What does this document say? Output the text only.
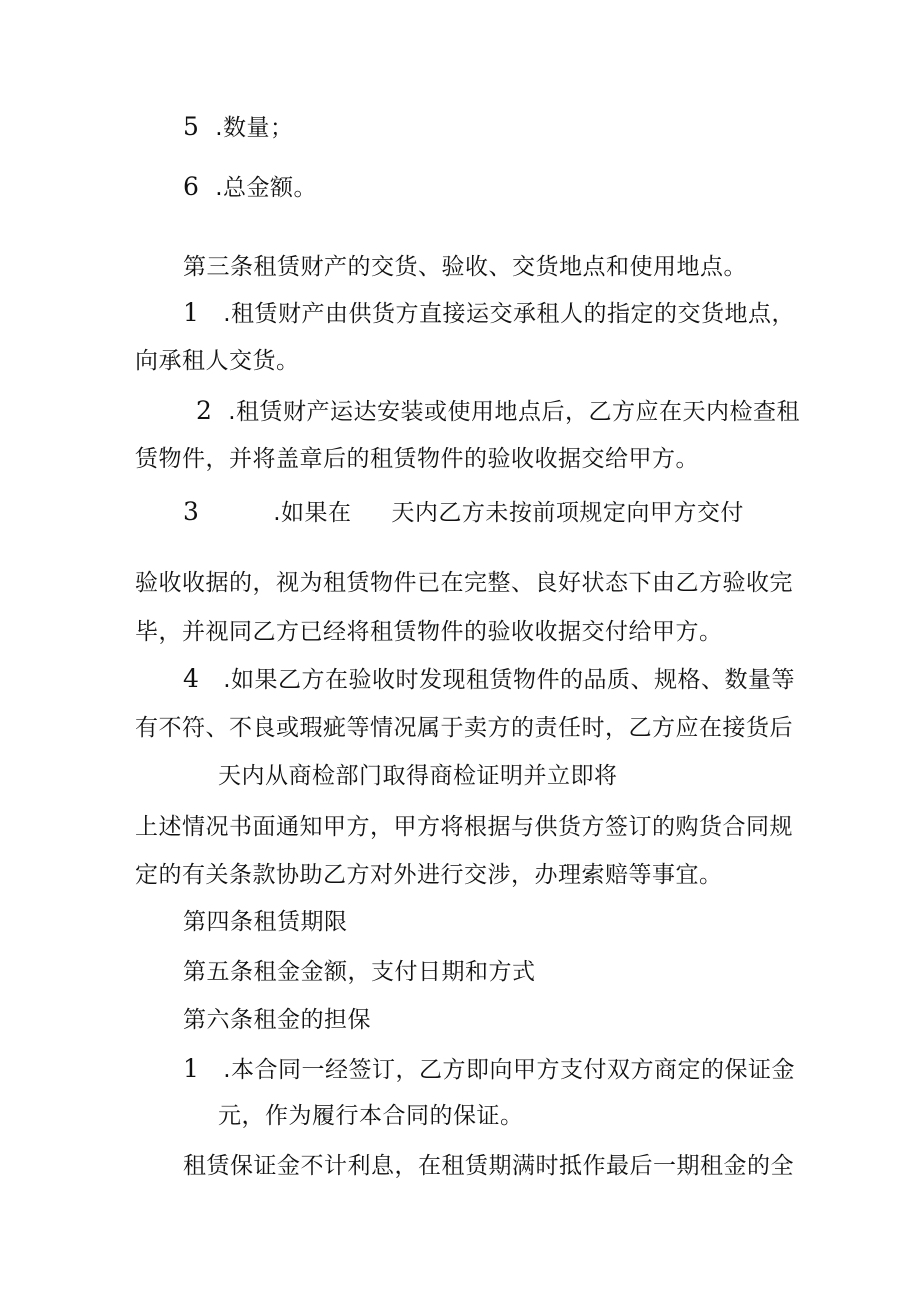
5 .数量；
6 .总金额。
第三条租赁财产的交货、验收、交货地点和使用地点。
1 .租赁财产由供货方直接运交承租人的指定的交货地点，
向承租人交货。
2 .租赁财产运达安装或使用地点后，乙方应在天内检查租
赁物件，并将盖章后的租赁物件的验收收据交给甲方。
3	.如果在 天内乙方未按前项规定向甲方交付
验收收据的，视为租赁物件已在完整、良好状态下由乙方验收完
毕，并视同乙方已经将租赁物件的验收收据交付给甲方。
4 .如果乙方在验收时发现租赁物件的品质、规格、数量等
有不符、不良或瑕疵等情况属于卖方的责任时，乙方应在接货后
天内从商检部门取得商检证明并立即将
上述情况书面通知甲方，甲方将根据与供货方签订的购货合同规
定的有关条款协助乙方对外进行交涉，办理索赔等事宜。
第四条租赁期限
第五条租金金额，支付日期和方式
第六条租金的担保
1 .本合同一经签订，乙方即向甲方支付双方商定的保证金
元，作为履行本合同的保证。
租赁保证金不计利息，在租赁期满时抵作最后一期租金的全
